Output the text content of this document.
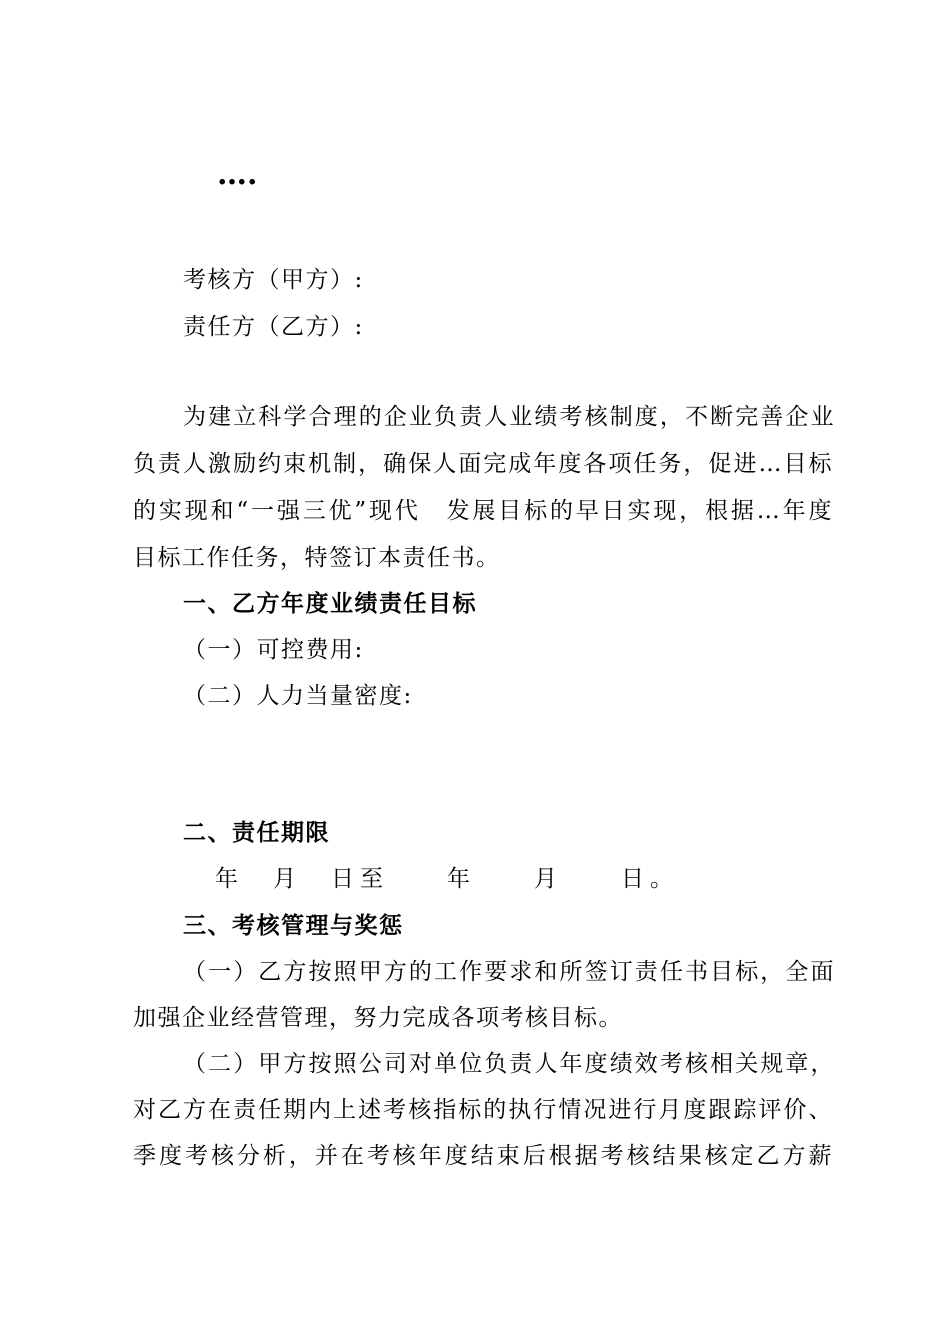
….
考核方（甲方）:
责任方（乙方）:
为建立科学合理的企业负责人业绩考核制度，不断完善企业
负责人激励约束机制，确保人面完成年度各项任务，促进…目标
的实现和“一强三优”现代　发展目标的早日实现，根据…年度
目标工作任务，特签订本责任书。
一、乙方年度业绩责任目标
（一）可控费用:
（二）人力当量密度:
二、责任期限
年　月　日至　　年　　月　　日。
三、考核管理与奖惩
（一）乙方按照甲方的工作要求和所签订责任书目标，全面
加强企业经营管理，努力完成各项考核目标。
（二）甲方按照公司对单位负责人年度绩效考核相关规章，
对乙方在责任期内上述考核指标的执行情况进行月度跟踪评价、
季度考核分析，并在考核年度结束后根据考核结果核定乙方薪
